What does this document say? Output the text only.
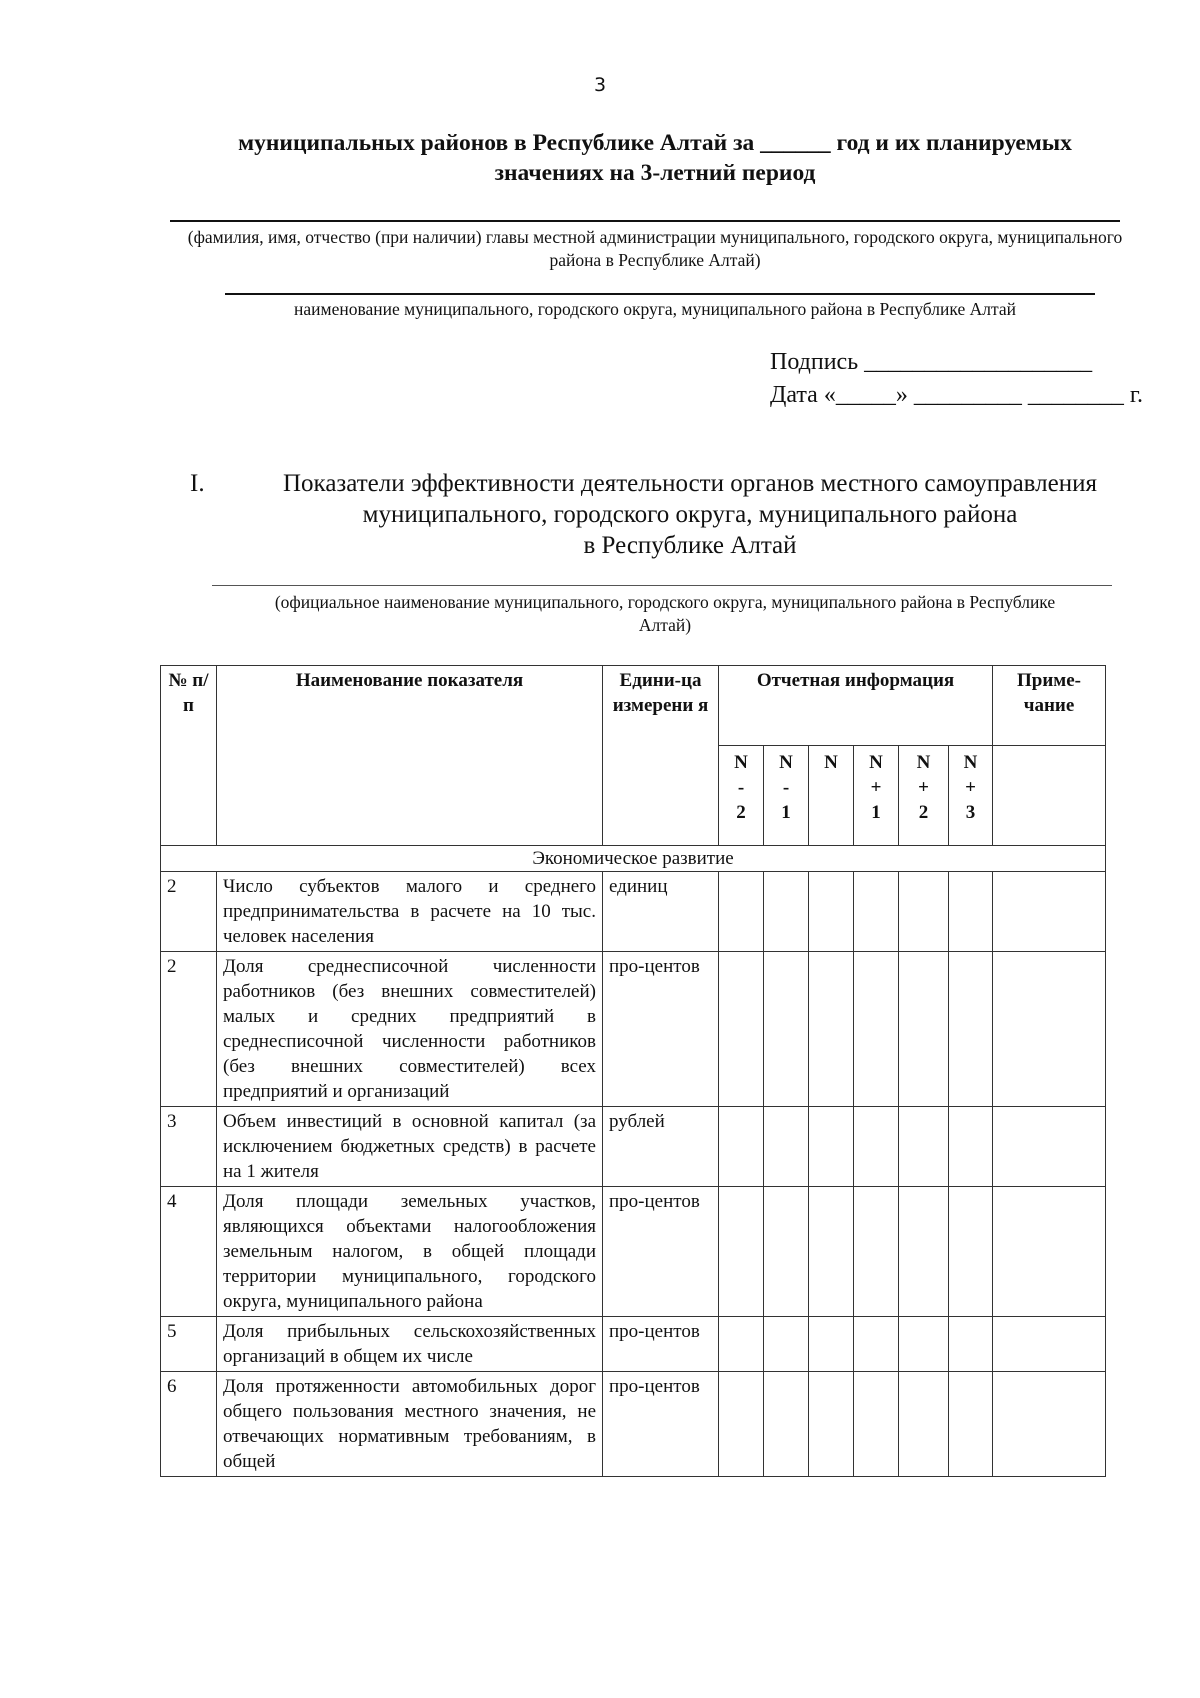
3
муниципальных районов в Республике Алтай за ______ год и их планируемых
значениях на 3-летний период
(фамилия, имя, отчество (при наличии) главы местной администрации муниципального, городского округа, муниципального района в Республике Алтай)
наименование муниципального, городского округа, муниципального района в Республике Алтай
Подпись ___________________
Дата «_____» _________ ________ г.
I.	Показатели эффективности деятельности органов местного самоуправления
муниципального, городского округа, муниципального района
в Республике Алтай
(официальное наименование муниципального, городского округа, муниципального района в Республике Алтай)
№ п/п	Наименование показателя	Едини-ца измерени я	Отчетная информация						Приме-чание

			N
-
2	N
-
1	N	N
+
1	N
+
2	N
+
3	

Экономическое развитие									
2	Число субъектов малого и среднего предпринимательства в расчете на 10 тыс. человек населения	единиц							
2	Доля среднесписочной численности работников (без внешних совместителей) малых и средних предприятий в среднесписочной численности работников (без внешних совместителей) всех предприятий и организаций	про-центов							
3	Объем инвестиций в основной капитал (за исключением бюджетных средств) в расчете на 1 жителя	рублей							
4	Доля площади земельных участков, являющихся объектами налогообложения земельным налогом, в общей площади территории муниципального, городского округа, муниципального района	про-центов							
5	Доля прибыльных сельскохозяйственных организаций в общем их числе	про-центов							
6	Доля протяженности автомобильных дорог общего пользования местного значения, не отвечающих нормативным требованиям, в общей	про-центов							
